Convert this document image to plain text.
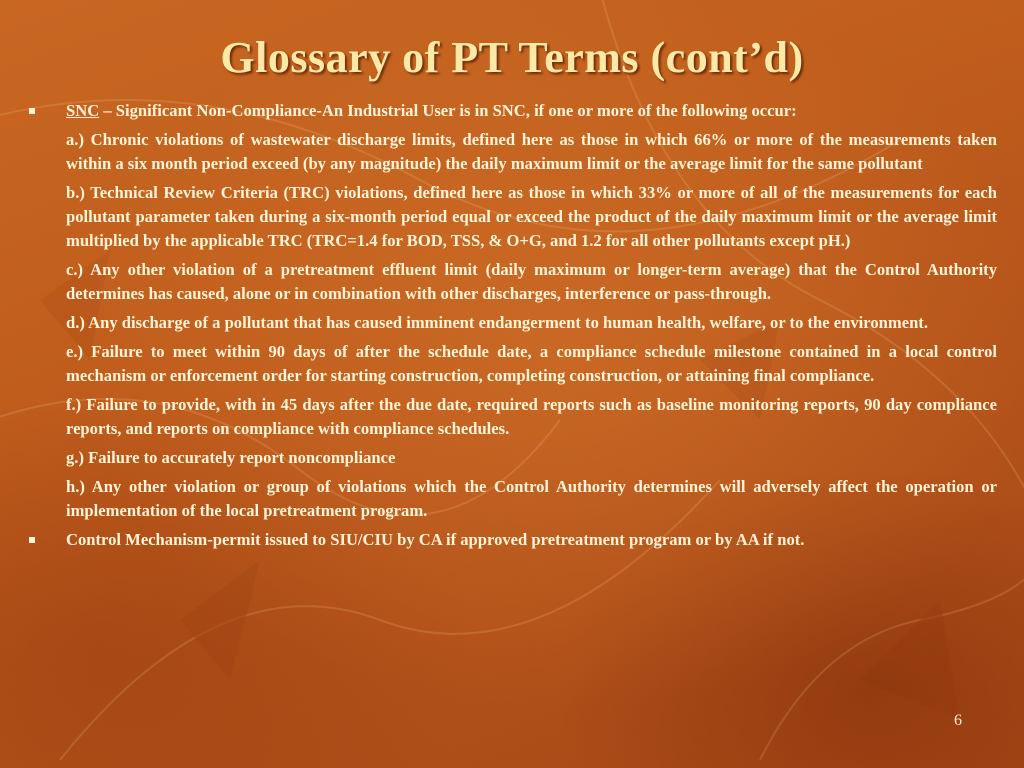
Glossary of PT Terms (cont’d)
SNC – Significant Non-Compliance-An Industrial User is in SNC, if one or more of the following occur:
a.) Chronic violations of wastewater discharge limits, defined here as those in which 66% or more of the measurements taken within a six month period exceed (by any magnitude) the daily maximum limit or the average limit for the same pollutant
b.) Technical Review Criteria (TRC) violations, defined here as those in which 33% or more of all of the measurements for each pollutant parameter taken during a six-month period equal or exceed the product of the daily maximum limit or the average limit multiplied by the applicable TRC (TRC=1.4 for BOD, TSS, & O+G, and 1.2 for all other pollutants except pH.)
c.) Any other violation of a pretreatment effluent limit (daily maximum or longer-term average) that the Control Authority determines has caused, alone or in combination with other discharges, interference or pass-through.
d.) Any discharge of a pollutant that has caused imminent endangerment to human health, welfare, or to the environment.
e.) Failure to meet within 90 days of after the schedule date, a compliance schedule milestone contained in a local control mechanism or enforcement order for starting construction, completing construction, or attaining final compliance.
f.) Failure to provide, with in 45 days after the due date, required reports such as baseline monitoring reports, 90 day compliance reports, and reports on compliance with compliance schedules.
g.) Failure to accurately report noncompliance
h.) Any other violation or group of violations which the Control Authority determines will adversely affect the operation or implementation of the local pretreatment program.
Control Mechanism-permit issued to SIU/CIU by CA if approved pretreatment program or by AA if not.
6
